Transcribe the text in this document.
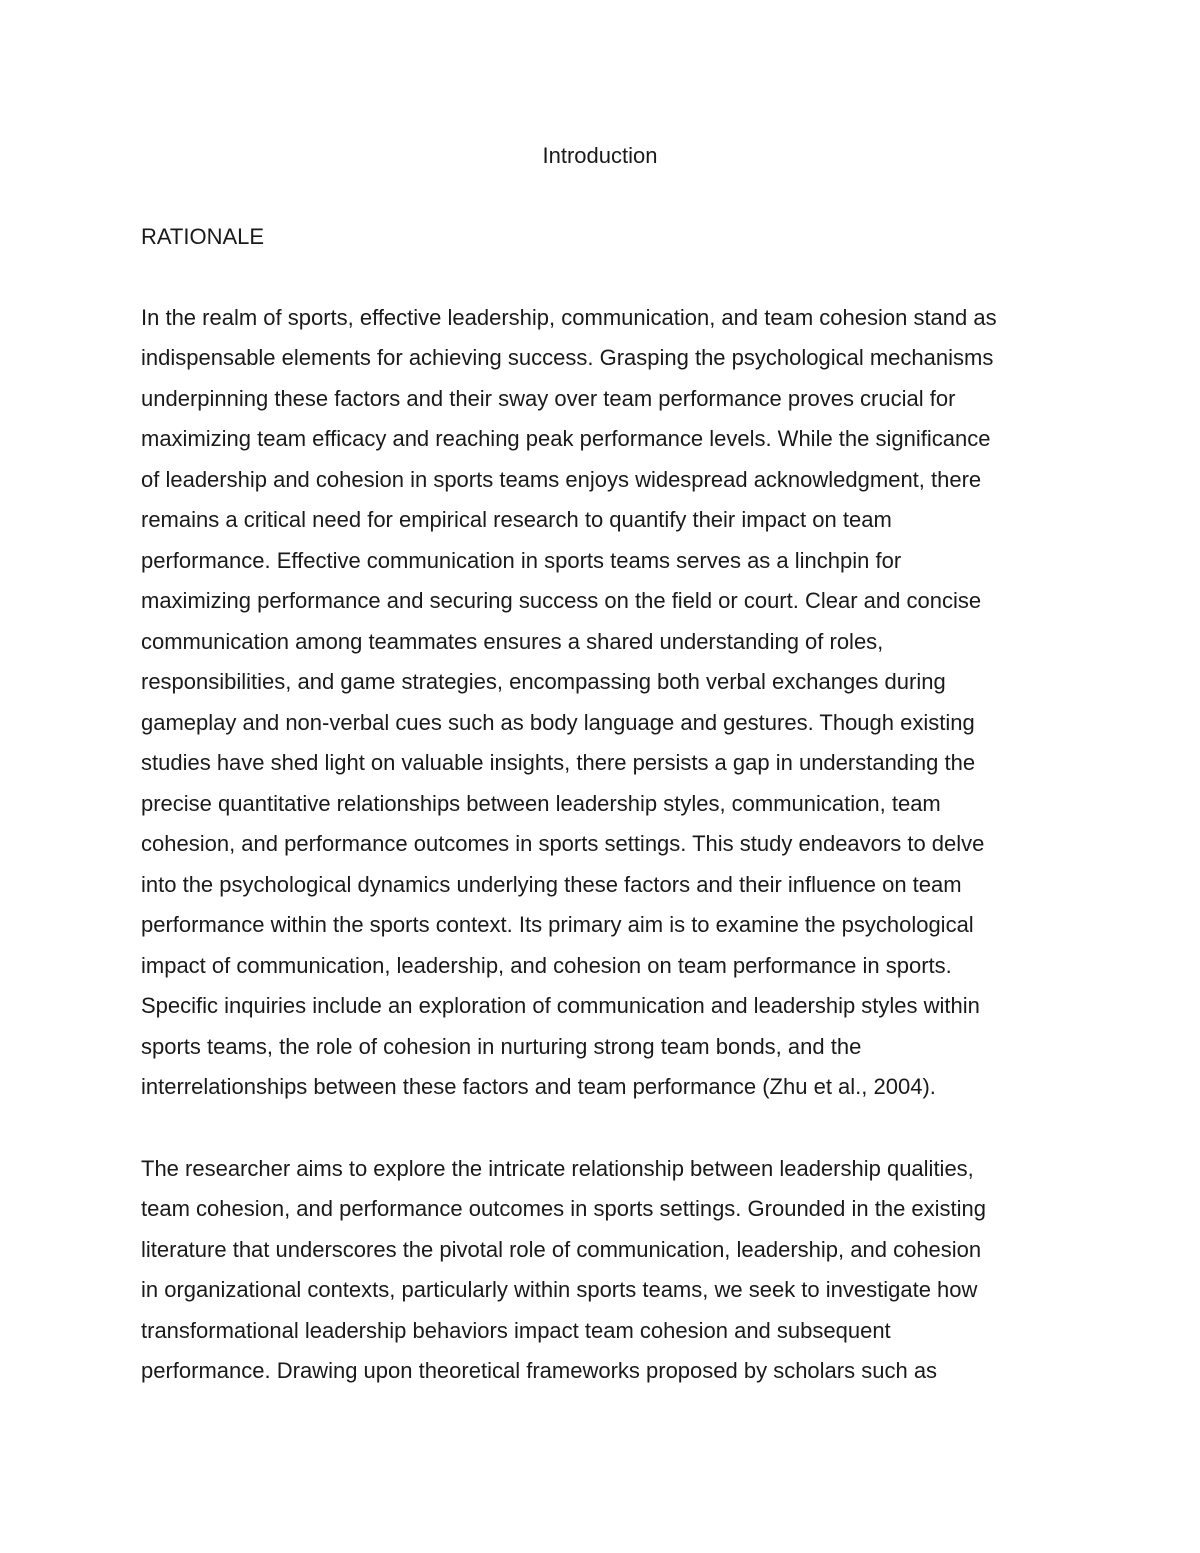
Introduction
RATIONALE
In the realm of sports, effective leadership, communication, and team cohesion stand as
indispensable elements for achieving success. Grasping the psychological mechanisms
underpinning these factors and their sway over team performance proves crucial for
maximizing team efficacy and reaching peak performance levels. While the significance
of leadership and cohesion in sports teams enjoys widespread acknowledgment, there
remains a critical need for empirical research to quantify their impact on team
performance. Effective communication in sports teams serves as a linchpin for
maximizing performance and securing success on the field or court. Clear and concise
communication among teammates ensures a shared understanding of roles,
responsibilities, and game strategies, encompassing both verbal exchanges during
gameplay and non-verbal cues such as body language and gestures. Though existing
studies have shed light on valuable insights, there persists a gap in understanding the
precise quantitative relationships between leadership styles, communication, team
cohesion, and performance outcomes in sports settings. This study endeavors to delve
into the psychological dynamics underlying these factors and their influence on team
performance within the sports context. Its primary aim is to examine the psychological
impact of communication, leadership, and cohesion on team performance in sports.
Specific inquiries include an exploration of communication and leadership styles within
sports teams, the role of cohesion in nurturing strong team bonds, and the
interrelationships between these factors and team performance (Zhu et al., 2004).
The researcher aims to explore the intricate relationship between leadership qualities,
team cohesion, and performance outcomes in sports settings. Grounded in the existing
literature that underscores the pivotal role of communication, leadership, and cohesion
in organizational contexts, particularly within sports teams, we seek to investigate how
transformational leadership behaviors impact team cohesion and subsequent
performance. Drawing upon theoretical frameworks proposed by scholars such as
